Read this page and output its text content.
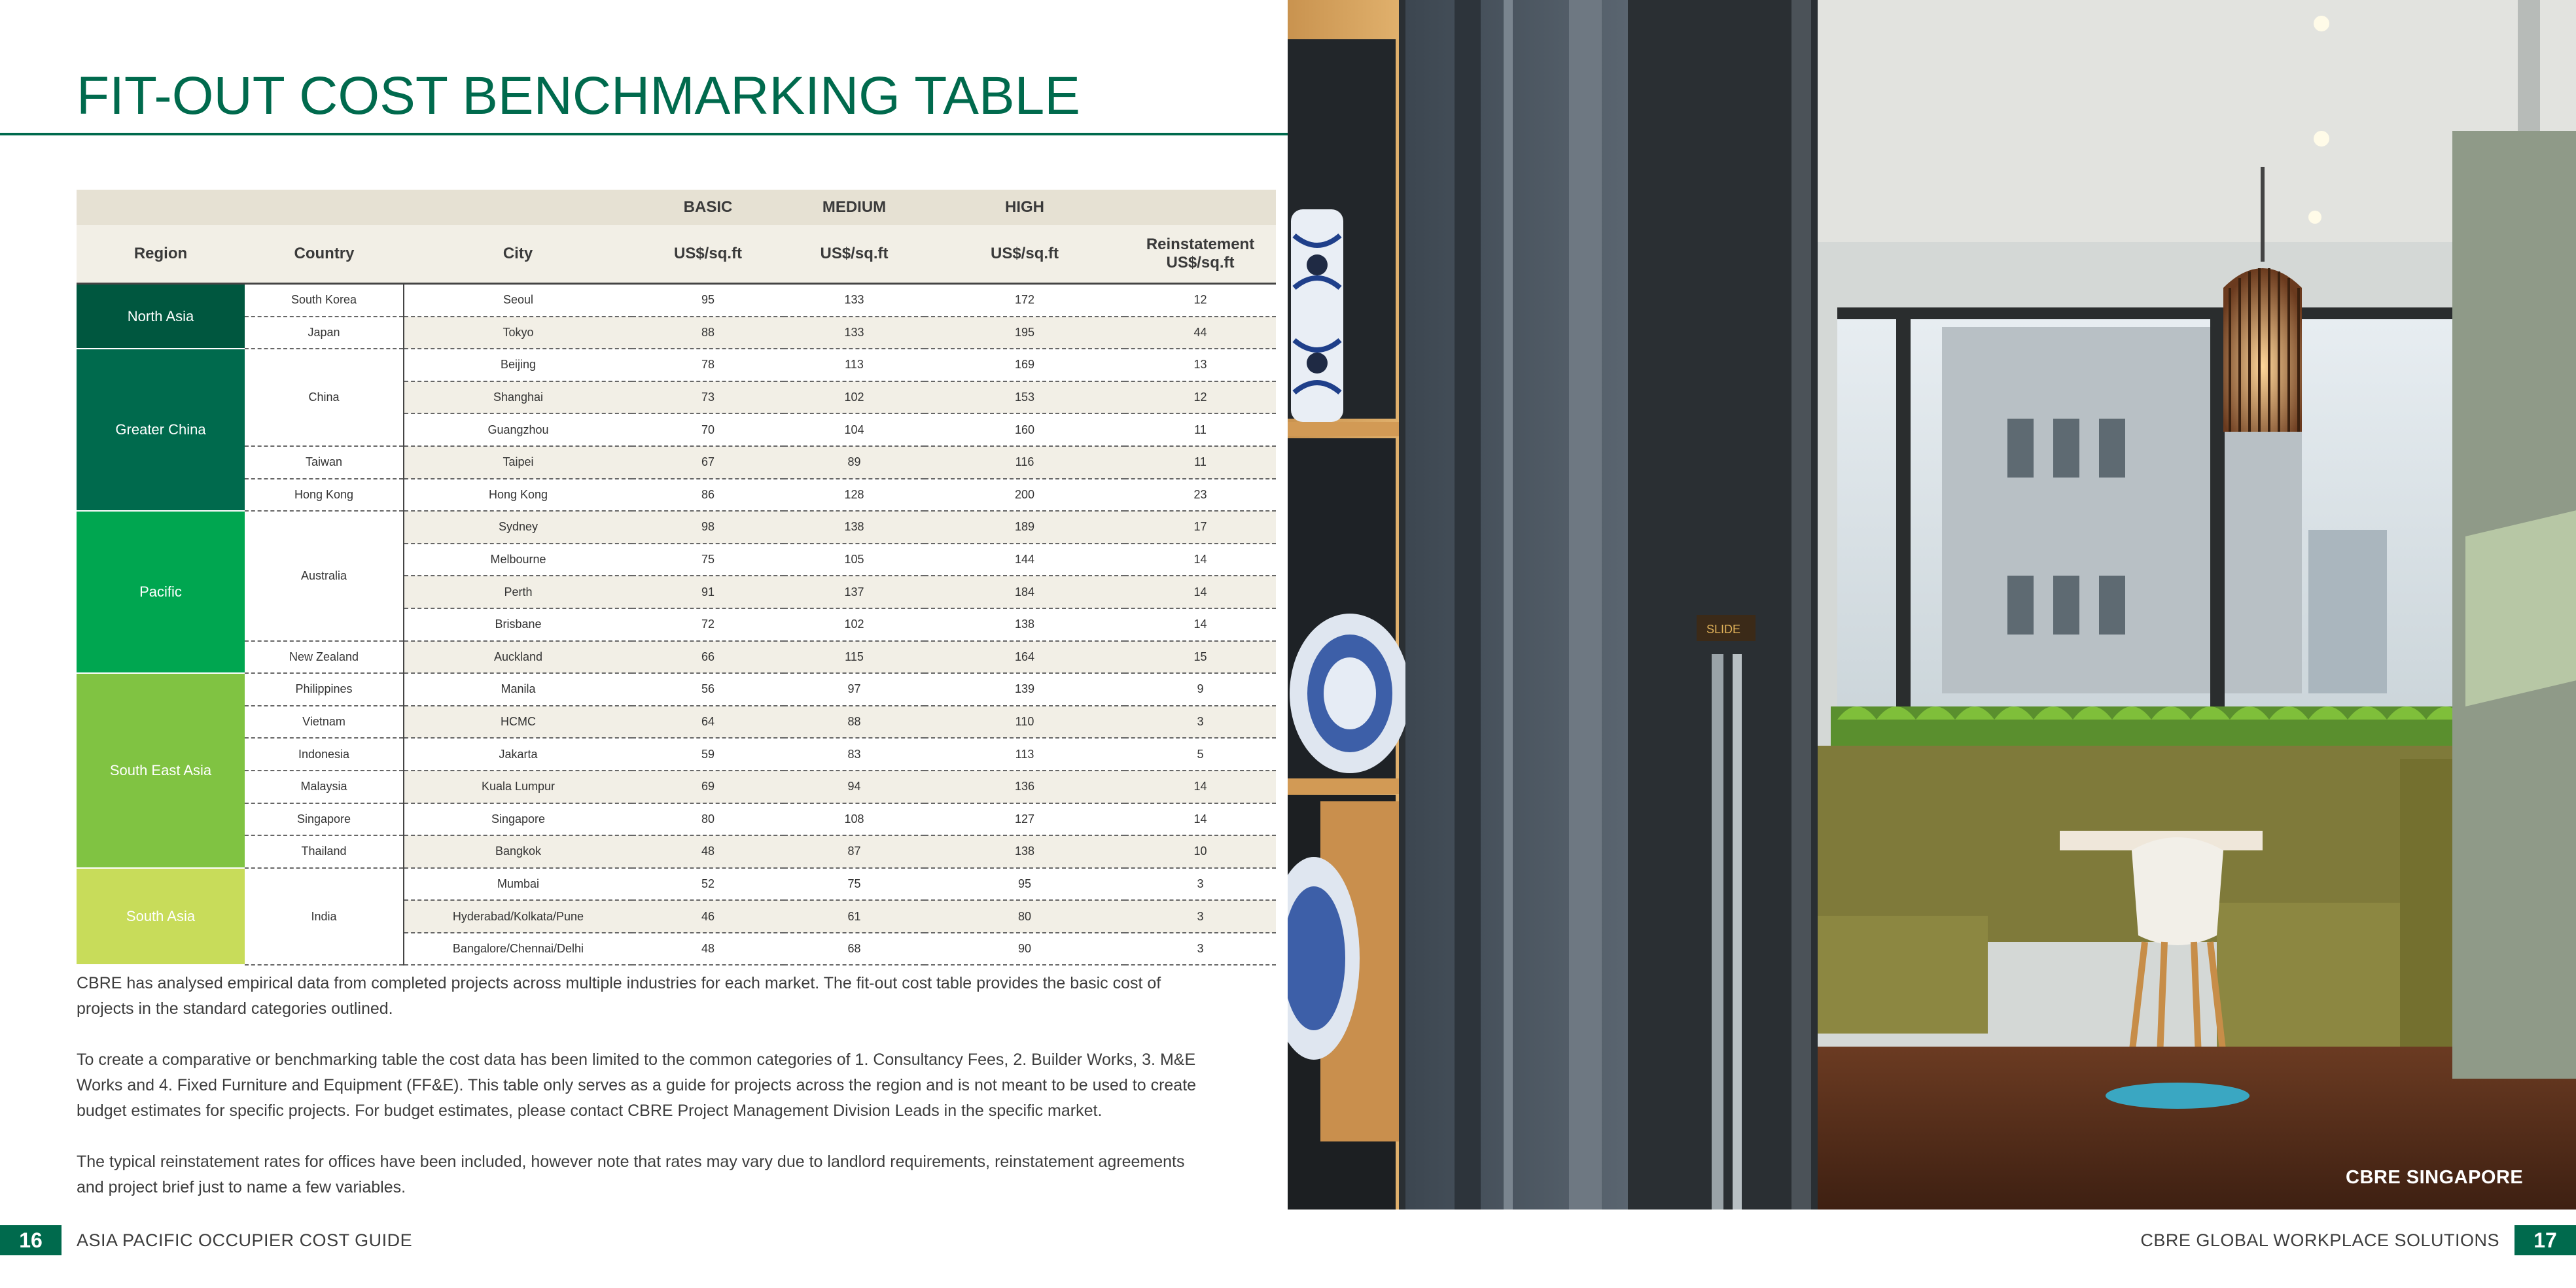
FIT-OUT COST BENCHMARKING TABLE
			BASIC	MEDIUM	HIGH	
Region	Country	City	US$/sq.ft	US$/sq.ft	US$/sq.ft	Reinstatement
US$/sq.ft
North Asia	South Korea	Seoul	95	133	172	12
	Japan	Tokyo	88	133	195	44
Greater China	China	Beijing	78	113	169	13
		Shanghai	73	102	153	12
		Guangzhou	70	104	160	11
	Taiwan	Taipei	67	89	116	11
	Hong Kong	Hong Kong	86	128	200	23
Pacific	Australia	Sydney	98	138	189	17
		Melbourne	75	105	144	14
		Perth	91	137	184	14
		Brisbane	72	102	138	14
	New Zealand	Auckland	66	115	164	15
South East Asia	Philippines	Manila	56	97	139	9
	Vietnam	HCMC	64	88	110	3
	Indonesia	Jakarta	59	83	113	5
	Malaysia	Kuala Lumpur	69	94	136	14
	Singapore	Singapore	80	108	127	14
	Thailand	Bangkok	48	87	138	10
South Asia	India	Mumbai	52	75	95	3
		Hyderabad/Kolkata/Pune	46	61	80	3
		Bangalore/Chennai/Delhi	48	68	90	3

CBRE has analysed empirical data from completed projects across multiple industries for each market. The fit-out cost table provides the basic cost of projects in the standard categories outlined.

To create a comparative or benchmarking table the cost data has been limited to the common categories of 1. Consultancy Fees, 2. Builder Works, 3. M&E Works and 4. Fixed Furniture and Equipment (FF&E). This table only serves as a guide for projects across the region and is not meant to be used to create budget estimates for specific projects. For budget estimates, please contact CBRE Project Management Division Leads in the specific market.

The typical reinstatement rates for offices have been included, however note that rates may vary due to landlord requirements, reinstatement agreements and project brief just to name a few variables.

16	ASIA PACIFIC OCCUPIER COST GUIDE
SLIDE
CBRE SINGAPORE
17
CBRE GLOBAL WORKPLACE SOLUTIONS
